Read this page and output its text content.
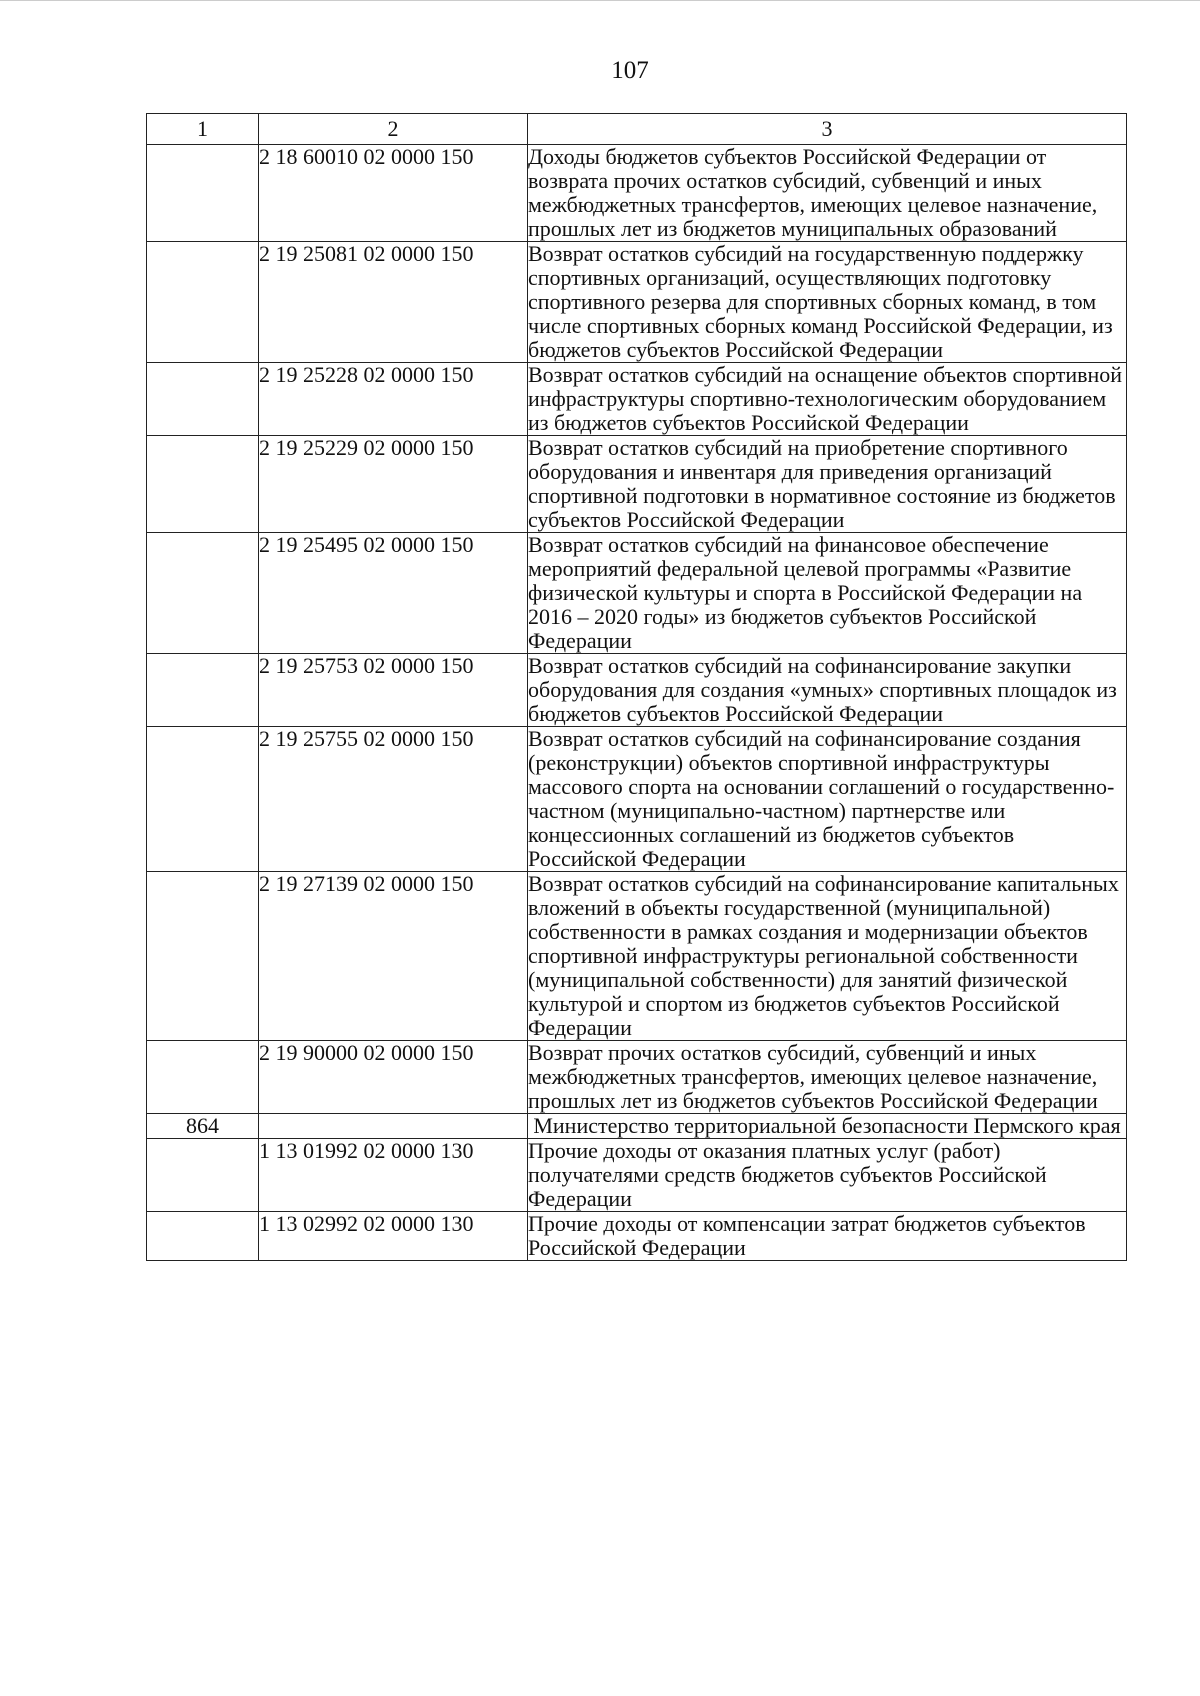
107
1	2	3
	2 18 60010 02 0000 150	Доходы бюджетов субъектов Российской Федерации от возврата прочих остатков субсидий, субвенций и иных межбюджетных трансфертов, имеющих целевое назначение, прошлых лет из бюджетов муниципальных образований
	2 19 25081 02 0000 150	Возврат остатков субсидий на государственную поддержку спортивных организаций, осуществляющих подготовку спортивного резерва для спортивных сборных команд, в том числе спортивных сборных команд Российской Федерации, из бюджетов субъектов Российской Федерации
	2 19 25228 02 0000 150	Возврат остатков субсидий на оснащение объектов спортивной инфраструктуры спортивно-технологическим оборудованием из бюджетов субъектов Российской Федерации
	2 19 25229 02 0000 150	Возврат остатков субсидий на приобретение спортивного оборудования и инвентаря для приведения организаций спортивной подготовки в нормативное состояние из бюджетов субъектов Российской Федерации
	2 19 25495 02 0000 150	Возврат остатков субсидий на финансовое обеспечение мероприятий федеральной целевой программы «Развитие физической культуры и спорта в Российской Федерации на 2016 – 2020 годы» из бюджетов субъектов Российской Федерации
	2 19 25753 02 0000 150	Возврат остатков субсидий на софинансирование закупки оборудования для создания «умных» спортивных площадок из бюджетов субъектов Российской Федерации
	2 19 25755 02 0000 150	Возврат остатков субсидий на софинансирование создания (реконструкции) объектов спортивной инфраструктуры массового спорта на основании соглашений о государственно-частном (муниципально-частном) партнерстве или концессионных соглашений из бюджетов субъектов Российской Федерации
	2 19 27139 02 0000 150	Возврат остатков субсидий на софинансирование капитальных вложений в объекты государственной (муниципальной) собственности в рамках создания и модернизации объектов спортивной инфраструктуры региональной собственности (муниципальной собственности) для занятий физической культурой и спортом из бюджетов субъектов Российской Федерации
	2 19 90000 02 0000 150	Возврат прочих остатков субсидий, субвенций и иных межбюджетных трансфертов, имеющих целевое назначение, прошлых лет из бюджетов субъектов Российской Федерации
864		Министерство территориальной безопасности Пермского края
	1 13 01992 02 0000 130	Прочие доходы от оказания платных услуг (работ) получателями средств бюджетов субъектов Российской Федерации
	1 13 02992 02 0000 130	Прочие доходы от компенсации затрат бюджетов субъектов Российской Федерации
